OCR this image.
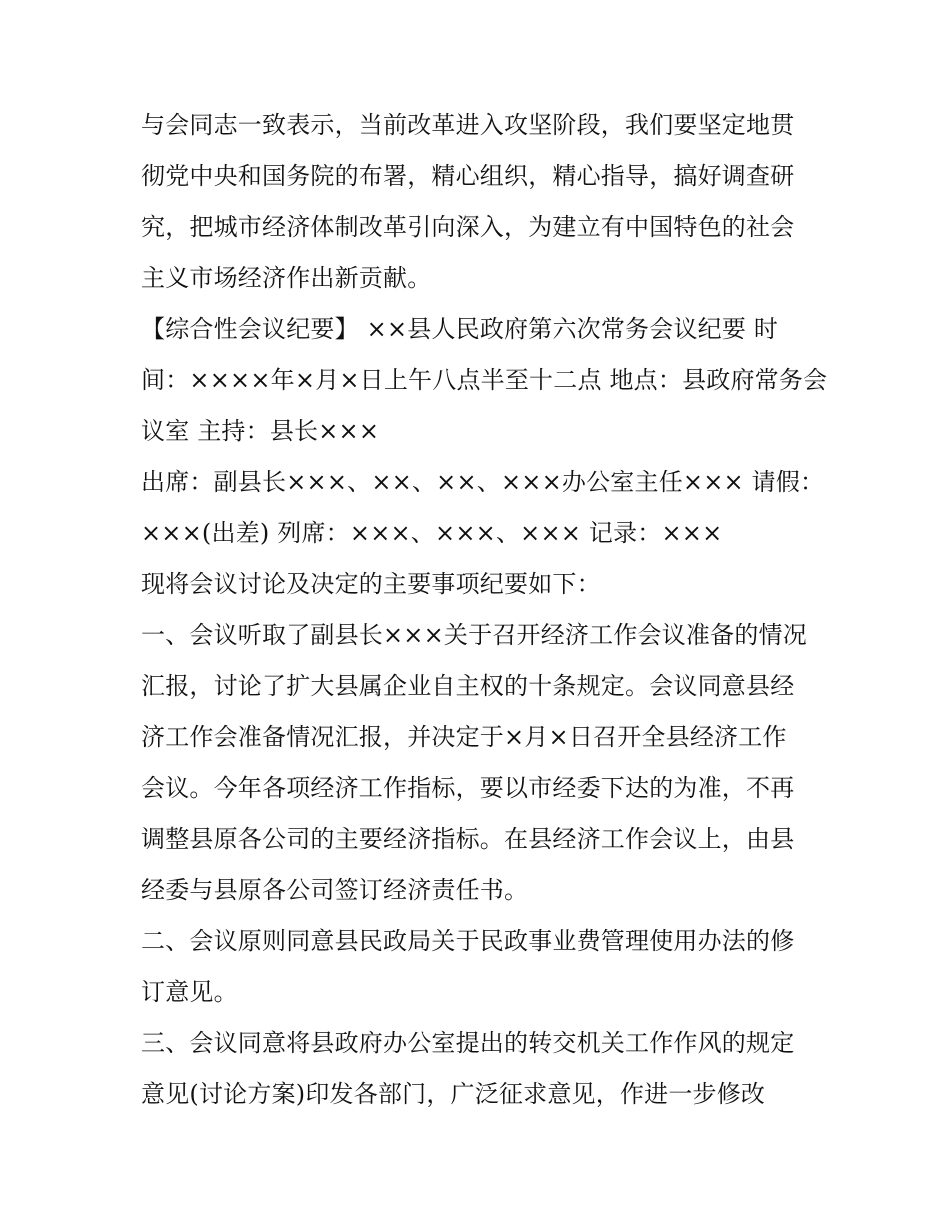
与会同志一致表示，当前改革进入攻坚阶段，我们要坚定地贯
彻党中央和国务院的布署，精心组织，精心指导，搞好调查研
究，把城市经济体制改革引向深入，为建立有中国特色的社会
主义市场经济作出新贡献。
【综合性会议纪要】 ××县人民政府第六次常务会议纪要 时
间：××××年×月×日上午八点半至十二点 地点：县政府常务会
议室 主持：县长×××
出席：副县长×××、××、××、×××办公室主任××× 请假：
×××(出差) 列席：×××、×××、××× 记录：×××
现将会议讨论及决定的主要事项纪要如下：
一、会议听取了副县长×××关于召开经济工作会议准备的情况
汇报，讨论了扩大县属企业自主权的十条规定。会议同意县经
济工作会准备情况汇报，并决定于×月×日召开全县经济工作
会议。今年各项经济工作指标，要以市经委下达的为准，不再
调整县原各公司的主要经济指标。在县经济工作会议上，由县
经委与县原各公司签订经济责任书。
二、会议原则同意县民政局关于民政事业费管理使用办法的修
订意见。
三、会议同意将县政府办公室提出的转交机关工作作风的规定
意见(讨论方案)印发各部门，广泛征求意见，作进一步修改
